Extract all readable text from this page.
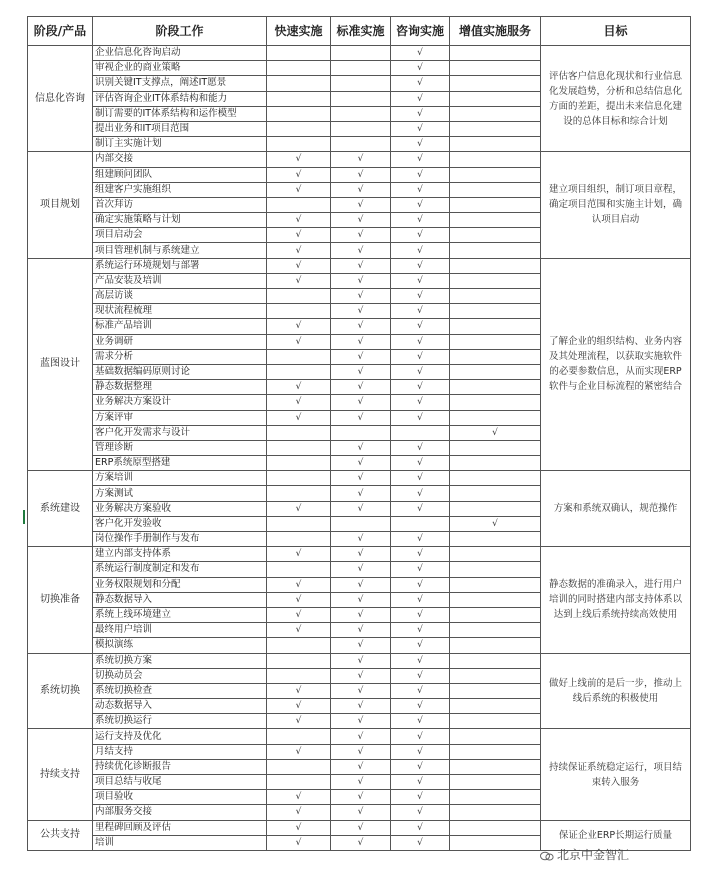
阶段/产品	阶段工作	快速实施	标准实施	咨询实施	增值实施服务	目标
信息化咨询	企业信息化咨询启动			√		评估客户信息化现状和行业信息化发展趋势，分析和总结信息化方面的差距，提出未来信息化建设的总体目标和综合计划
	审视企业的商业策略			√		
	识别关键IT支撑点，阐述IT愿景			√		
	评估咨询企业IT体系结构和能力			√		
	制订需要的IT体系结构和运作模型			√		
	提出业务和IT项目范围			√		
	制订主实施计划			√		
项目规划	内部交接	√	√	√		建立项目组织，制订项目章程，确定项目范围和实施主计划，确认项目启动
	组建顾问团队	√	√	√		
	组建客户实施组织	√	√	√		
	首次拜访		√	√		
	确定实施策略与计划	√	√	√		
	项目启动会	√	√	√		
	项目管理机制与系统建立	√	√	√		
蓝图设计	系统运行环境规划与部署	√	√	√		了解企业的组织结构、业务内容及其处理流程，以获取实施软件的必要参数信息，从而实现ERP软件与企业目标流程的紧密结合
	产品安装及培训	√	√	√		
	高层访谈		√	√		
	现状流程梳理		√	√		
	标准产品培训	√	√	√		
	业务调研	√	√	√		
	需求分析		√	√		
	基础数据编码原则讨论		√	√		
	静态数据整理	√	√	√		
	业务解决方案设计	√	√	√		
	方案评审	√	√	√		
	客户化开发需求与设计				√	
	管理诊断		√	√		
	ERP系统原型搭建		√	√		
系统建设	方案培训		√	√		方案和系统双确认，规范操作
	方案测试		√	√		
	业务解决方案验收	√	√	√		
	客户化开发验收				√	
	岗位操作手册制作与发布		√	√		
切换准备	建立内部支持体系	√	√	√		静态数据的准确录入，进行用户培训的同时搭建内部支持体系以达到上线后系统持续高效使用
	系统运行制度制定和发布		√	√		
	业务权限规划和分配	√	√	√		
	静态数据导入	√	√	√		
	系统上线环境建立	√	√	√		
	最终用户培训	√	√	√		
	模拟演练		√	√		
系统切换	系统切换方案		√	√		做好上线前的是后一步，推动上线后系统的积极使用
	切换动员会		√	√		
	系统切换检查	√	√	√		
	动态数据导入	√	√	√		
	系统切换运行	√	√	√		
持续支持	运行支持及优化		√	√		持续保证系统稳定运行，项目结束转入服务
	月结支持	√	√	√		
	持续优化诊断报告		√	√		
	项目总结与收尾		√	√		
	项目验收	√	√	√		
	内部服务交接	√	√	√		
公共支持	里程碑回顾及评估	√	√	√		保证企业ERP长期运行质量
	培训	√	√	√		
北京中金智汇
